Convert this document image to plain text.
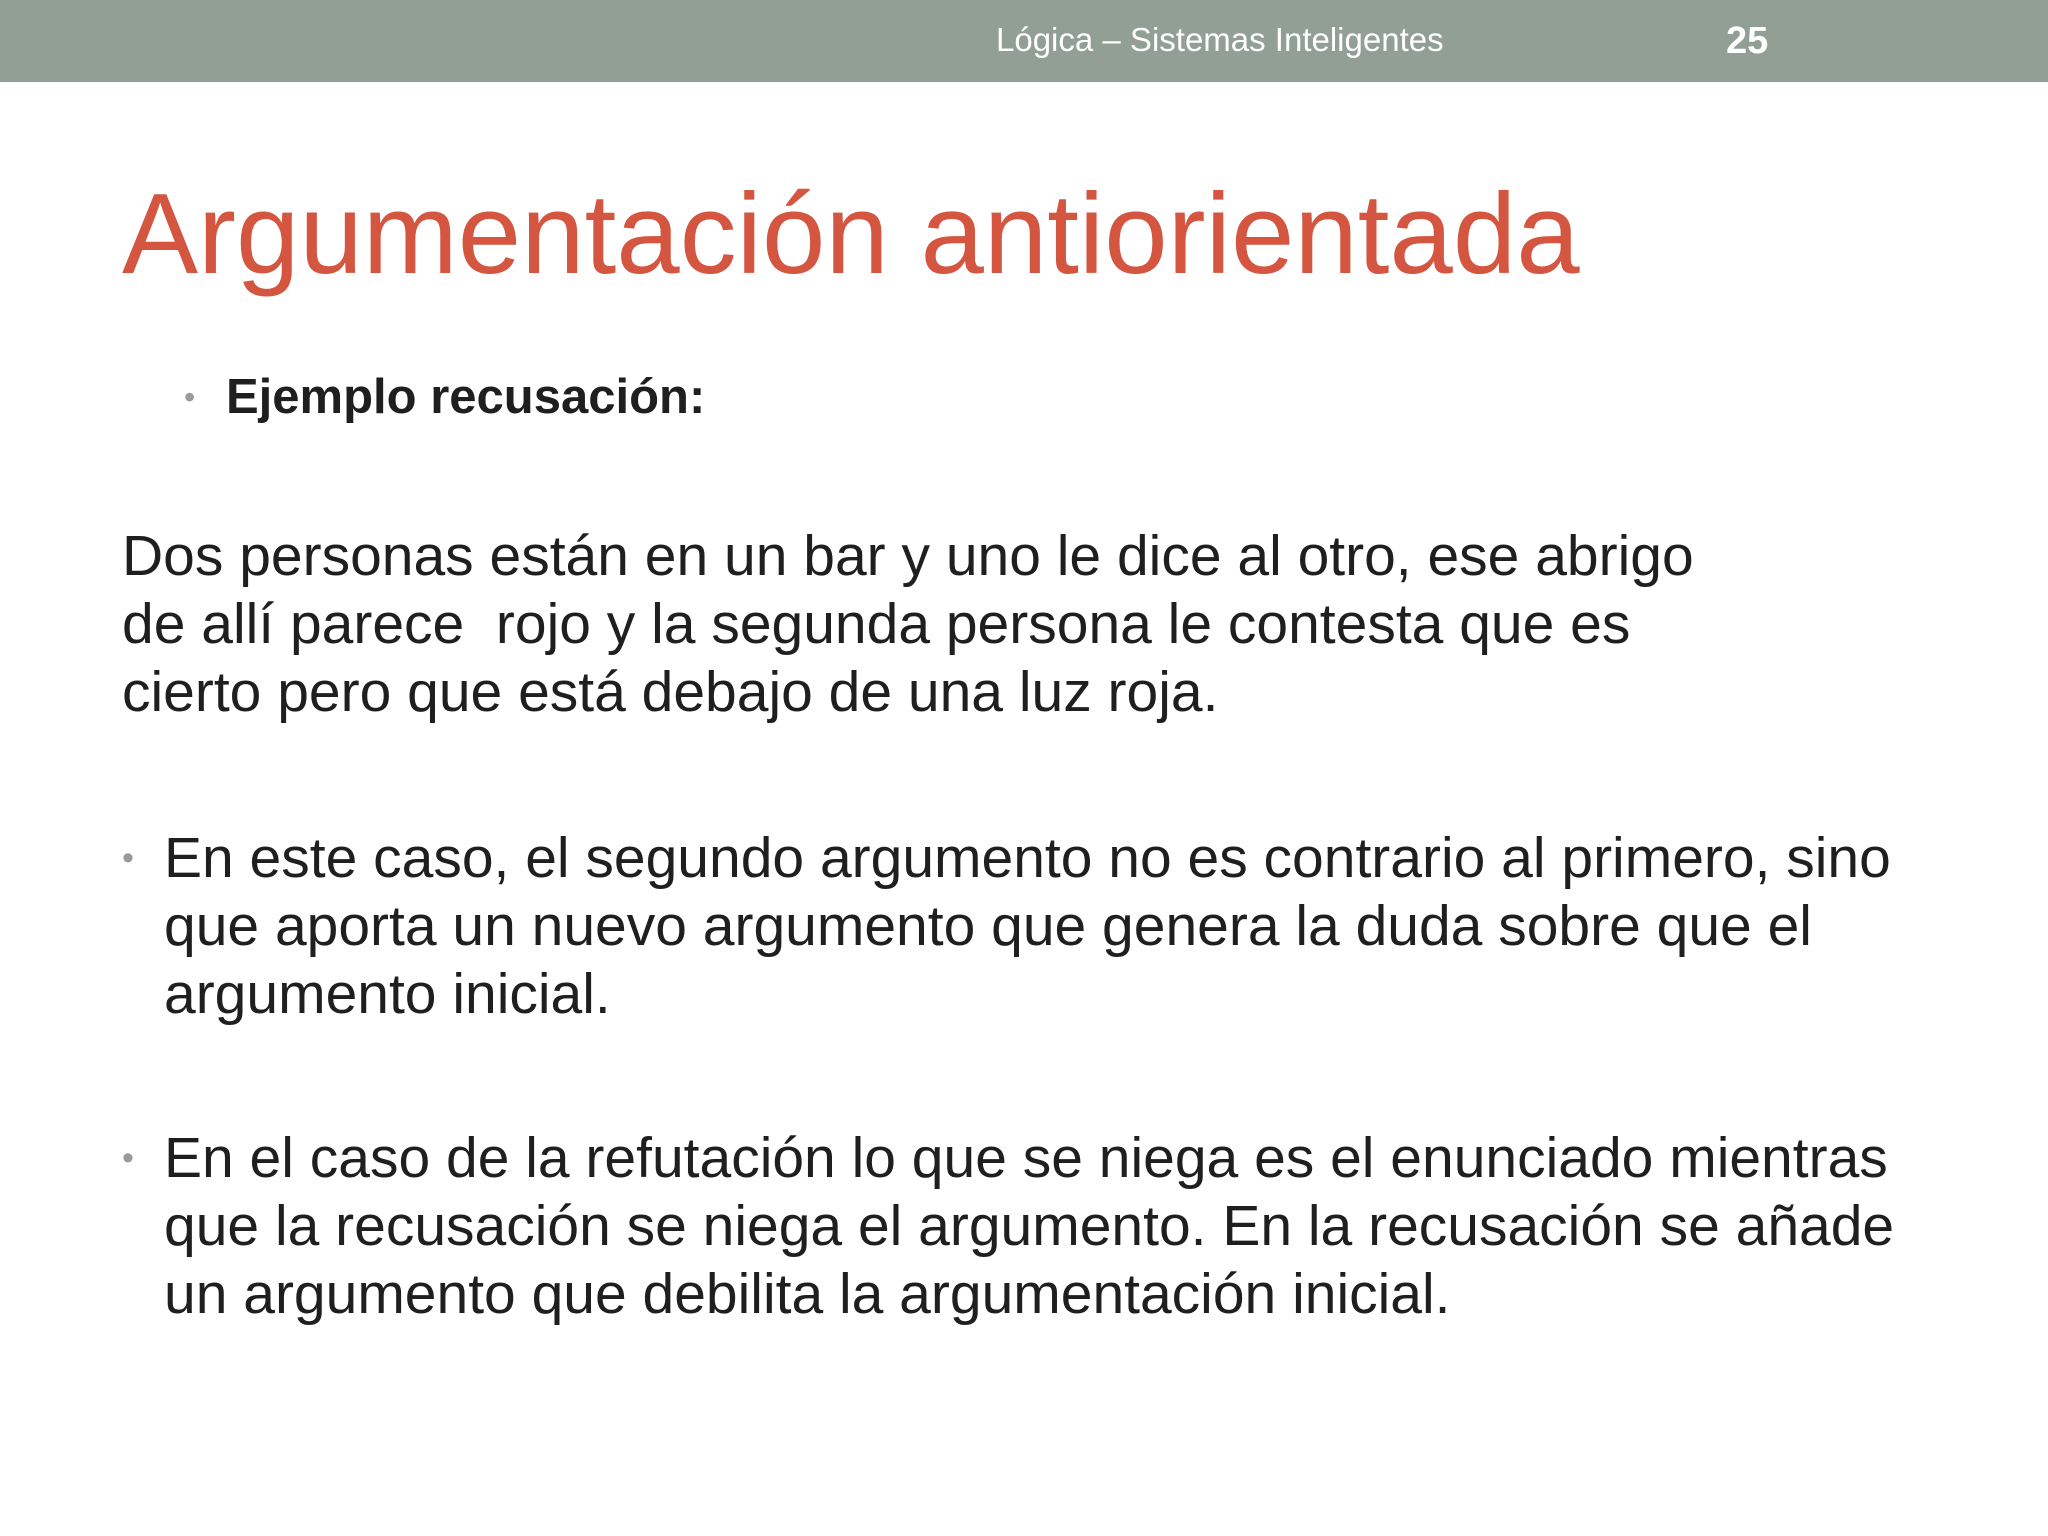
Lógica – Sistemas Inteligentes	25
Argumentación antiorientada
• Ejemplo recusación:
Dos personas están en un bar y uno le dice al otro, ese abrigo
de allí parece  rojo y la segunda persona le contesta que es
cierto pero que está debajo de una luz roja.
• En este caso, el segundo argumento no es contrario al primero, sino que aporta un nuevo argumento que genera la duda sobre que el argumento inicial.
• En el caso de la refutación lo que se niega es el enunciado mientras que la recusación se niega el argumento. En la recusación se añade un argumento que debilita la argumentación inicial.
